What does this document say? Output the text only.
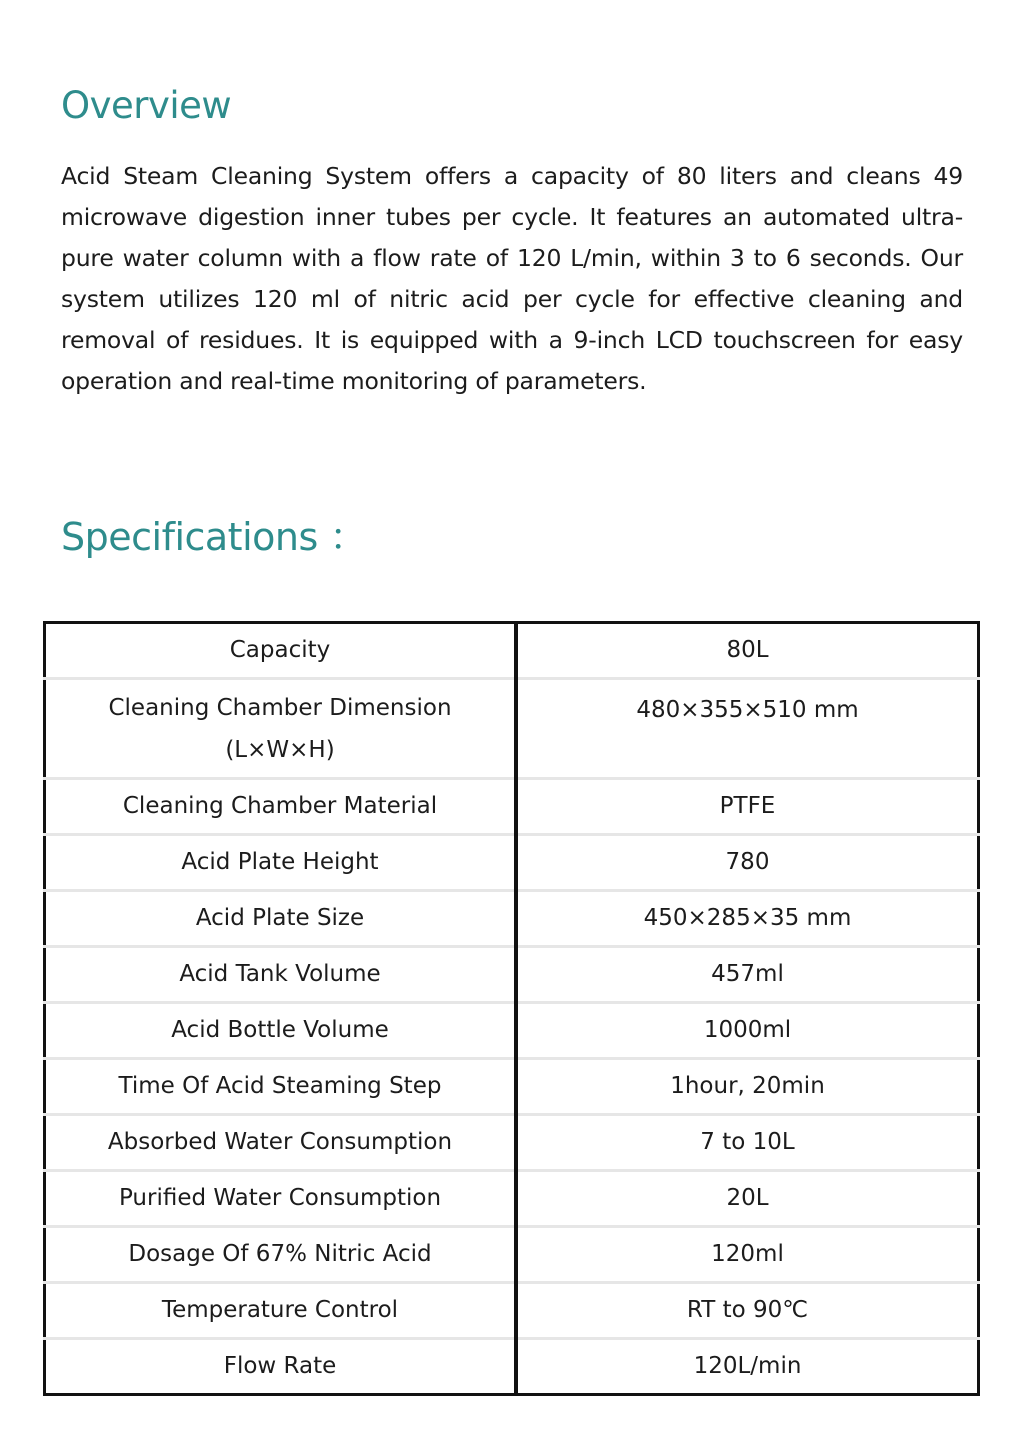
Overview

Acid Steam Cleaning System offers a capacity of 80 liters and cleans 49 microwave digestion inner tubes per cycle. It features an automated ultra-pure water column with a flow rate of 120 L/min, within 3 to 6 seconds. Our system utilizes 120 ml of nitric acid per cycle for effective cleaning and removal of residues. It is equipped with a 9-inch LCD touchscreen for easy operation and real-time monitoring of parameters.

Specifications ：
Capacity	80L
Cleaning Chamber Dimension (L×W×H)	480×355×510 mm
Cleaning Chamber Material	PTFE
Acid Plate Height	780
Acid Plate Size	450×285×35 mm
Acid Tank Volume	457ml
Acid Bottle Volume	1000ml
Time Of Acid Steaming Step	1hour, 20min
Absorbed Water Consumption	7 to 10L
Purified Water Consumption	20L
Dosage Of 67% Nitric Acid	120ml
Temperature Control	RT to 90℃
Flow Rate	120L/min
